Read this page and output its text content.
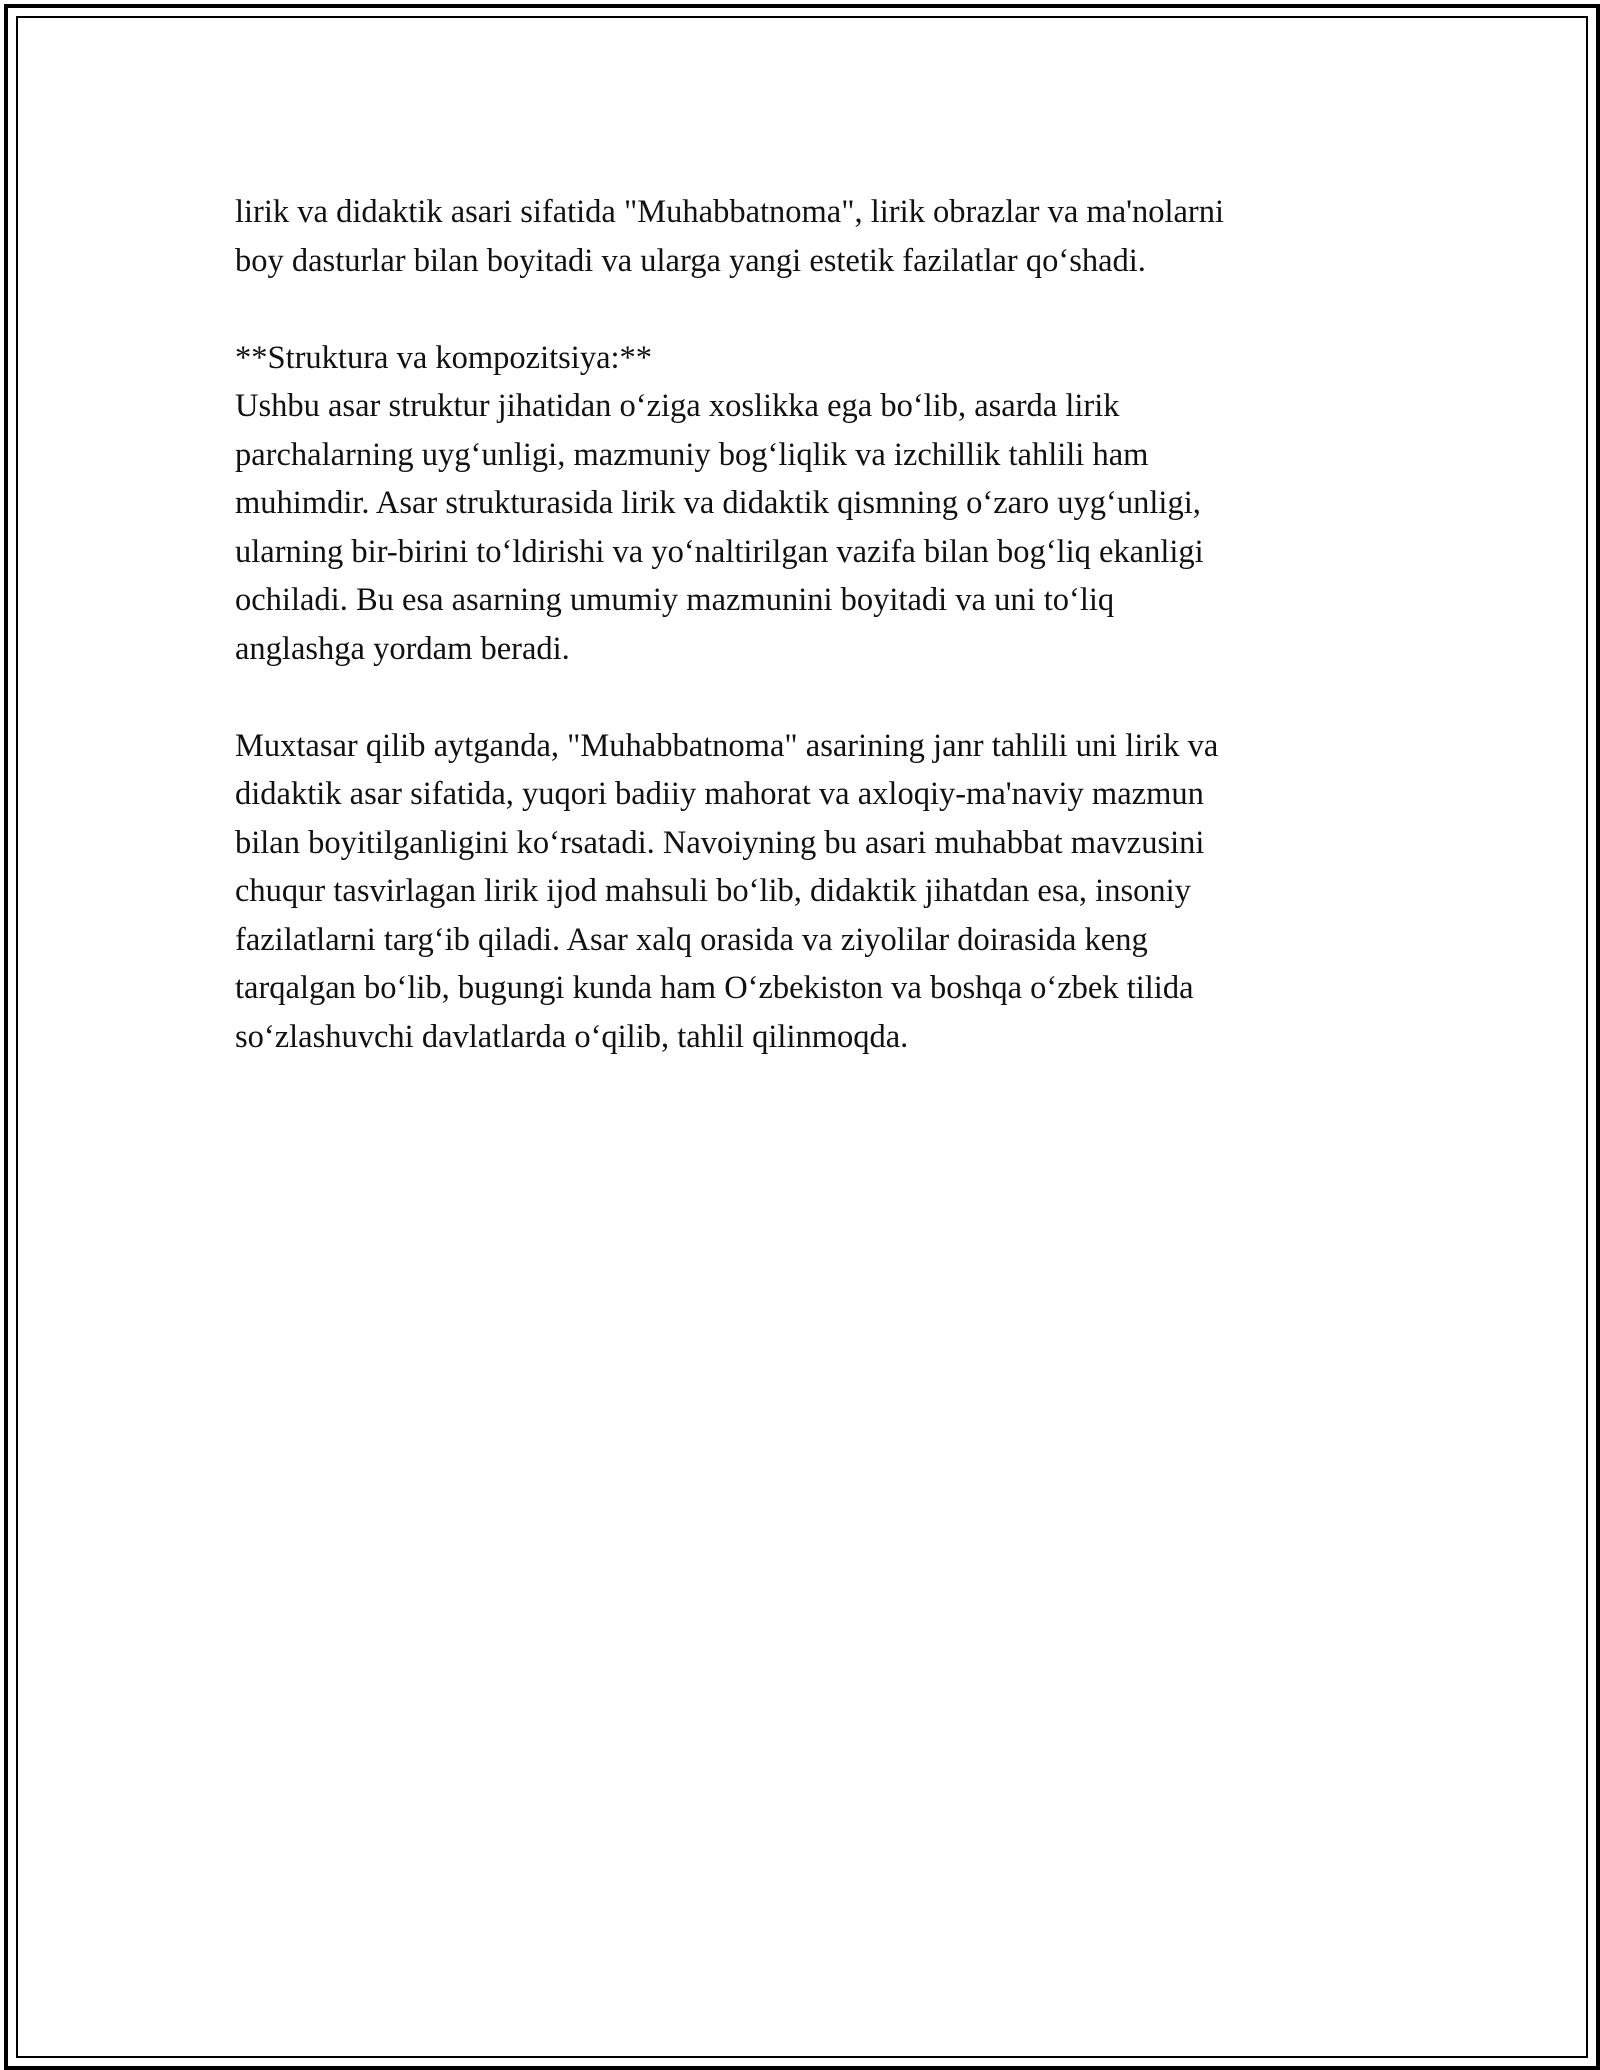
lirik va didaktik asari sifatida "Muhabbatnoma", lirik obrazlar va ma'nolarni
boy dasturlar bilan boyitadi va ularga yangi estetik fazilatlar qo‘shadi.

**Struktura va kompozitsiya:**

Ushbu asar struktur jihatidan o‘ziga xoslikka ega bo‘lib, asarda lirik
parchalarning uyg‘unligi, mazmuniy bog‘liqlik va izchillik tahlili ham
muhimdir. Asar strukturasida lirik va didaktik qismning o‘zaro uyg‘unligi,
ularning bir-birini to‘ldirishi va yo‘naltirilgan vazifa bilan bog‘liq ekanligi
ochiladi. Bu esa asarning umumiy mazmunini boyitadi va uni to‘liq
anglashga yordam beradi.

Muxtasar qilib aytganda, "Muhabbatnoma" asarining janr tahlili uni lirik va
didaktik asar sifatida, yuqori badiiy mahorat va axloqiy-ma'naviy mazmun
bilan boyitilganligini ko‘rsatadi. Navoiyning bu asari muhabbat mavzusini
chuqur tasvirlagan lirik ijod mahsuli bo‘lib, didaktik jihatdan esa, insoniy
fazilatlarni targ‘ib qiladi. Asar xalq orasida va ziyolilar doirasida keng
tarqalgan bo‘lib, bugungi kunda ham O‘zbekiston va boshqa o‘zbek tilida
so‘zlashuvchi davlatlarda o‘qilib, tahlil qilinmoqda.
